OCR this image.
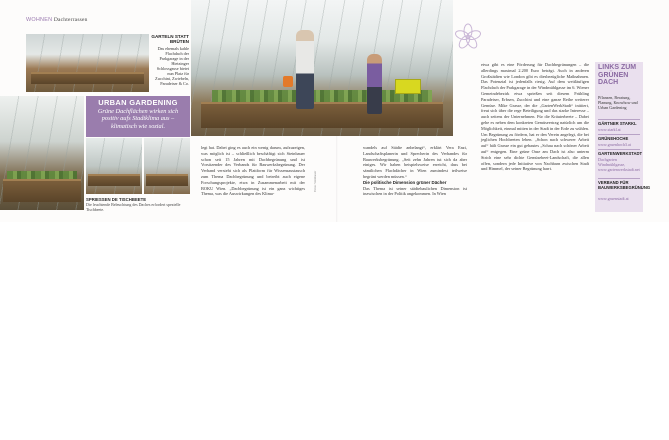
WOHNEN Dachterrassen
GARTELN STATT BRÜTEN
Das ehemals kahle Flachdach der Parkgarage in der Hietzinger Schlossgasse bietet nun Platz für Zucchini, Zwiebeln, Paradeiser & Co.
URBAN GARDENING
Grüne Dachflächen wirken sich positiv aufs Stadtklima aus – klimatisch wie sozial.
SPRIESSEN DE TISCHBEETE
Die leuchtende Beleuchtung des Daches erfordert spezielle Tischbeete.
legt hat. Dabei ging es auch ein wenig darum, aufzuzeigen, was möglich ist – schließlich beschäftigt sich Steinbauer schon seit 15 Jahren mit Dachbegrünung und ist Vorsitzender des Verbands für Bauwerksbegrünung. Der Verband versteht sich als Plattform für Wissensaustausch zum Thema Dachbegrünung und betreibt auch eigene Forschungsprojekte, etwa in Zusammenarbeit mit der BOKU Wien. „Dachbegrünung ist ein ganz wichtiges Thema, was die Auswirkungen des Klima-
Fotos: Steinbauer
wandels auf Städte anbelangt“, erklärt Vera Enzi, Landschaftsplanerin und Sprecherin des Verbandes für Bauwerksbegrünung. „Seit zehn Jahren tut sich da aber einiges. Wir haben beispielsweise erreicht, dass bei sämtlichen Flachdächer in Wien zumindest teilweise begrünt werden müssen.“
Die politische Dimension grüner Dächer
Das Thema ist seiner städtebaulichen Dimension ist inzwischen in der Politik angekommen. In Wien
etwa gibt es eine Förderung für Dachbegrünungen – die allerdings maximal 2.200 Euro beträgt. Auch in anderen Großstädten wie London gibt es diesbezügliche Maßnahmen. Das Potenzial ist jedenfalls riesig. Auf dem weitläufigen Flachdach der Parkgarage in der Windmühlgasse im 6. Wiener Gemeindebezirk etwa sprießen seit diesem Frühling Paradeiser, Erbsen, Zucchini und eine ganze Reihe weiterer Gemüse. Mike Grasse, der die „GartenWerkStadt“ initiiert, freut sich über die rege Beteiligung und das starke Interesse – auch seitens der Unternehmen. Für die Kräuterbeete – Dabei gehe es neben dem konkreten Gemüseertrag natürlich um die Möglichkeit, einmal mitten in der Stadt in der Erde zu wühlen. Um Begrünung zu fördern, hat er den Verein angelegt, die bei jeglichen Hochbeeten leben. „Schon nach schwerer Arbeit auf“ hält Grasse ein gut gebautes „Schau nach schöner Arbeit auf“ entgegen. Eine grüne Oase am Dach ist also unterm Strich eine sehr dichte Gemüsebeet-Landschaft, die allen offen, sondern jede Initiative von Nachbarn zwischen Stadt und Himmel, der seiner Begrünung harrt.
LINKS ZUM GRÜNEN DACH
Pflanzen, Beratung, Planung, Knowhow und Urban Gardening
GÄRTNER STARKL
www.starkl.at
GRÜNEHOCHE
www.gruenhoch3.at
GARTENWERKSTADT
Dachgarten Windmühlgasse, www.gartenwerkstadt.net
VERBAND FÜR BAUWERKSBEGRÜNUNG
www.gruenstadt.at
